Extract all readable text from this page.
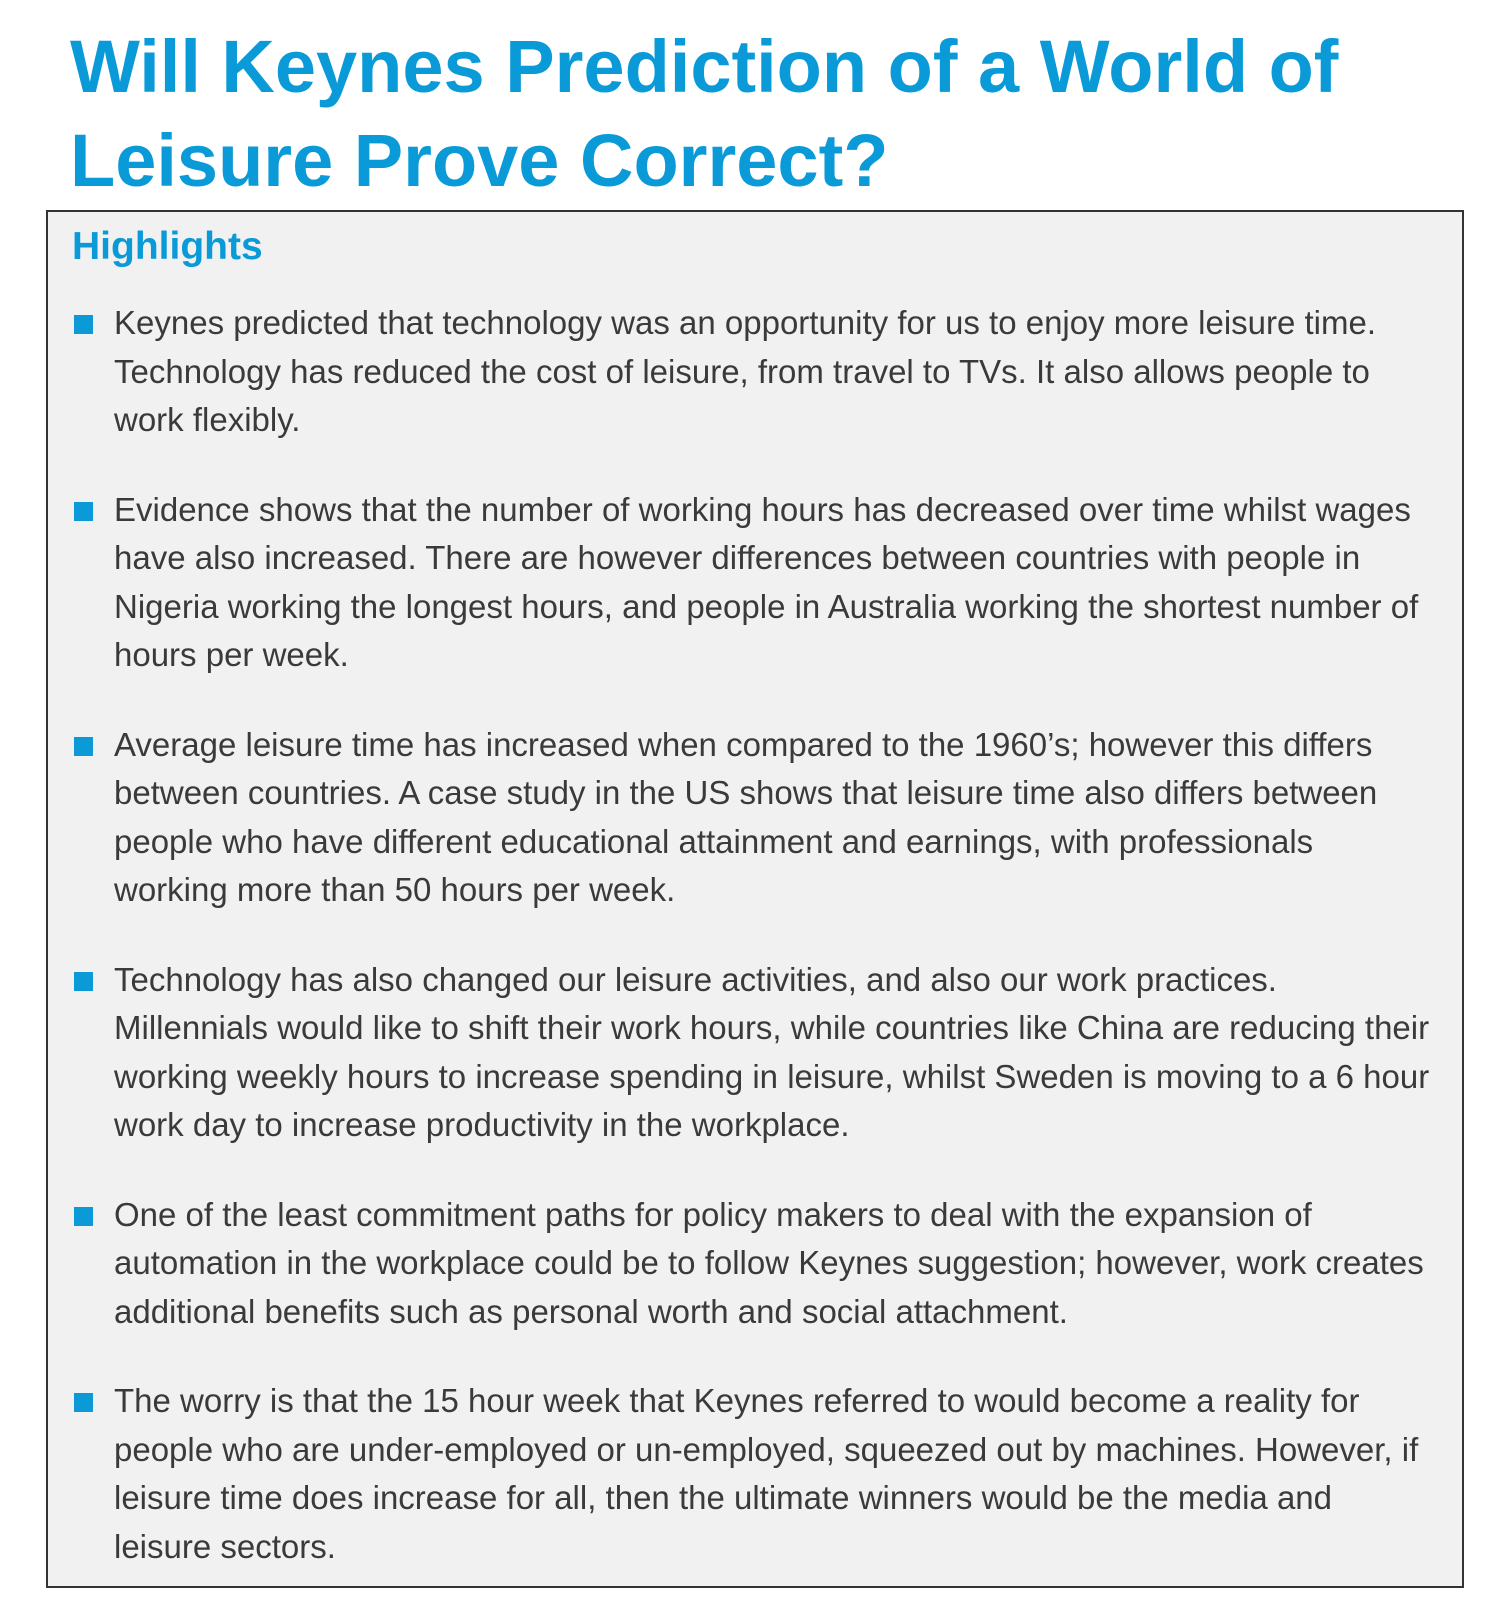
Will Keynes Prediction of a World of Leisure Prove Correct?
Highlights
Keynes predicted that technology was an opportunity for us to enjoy more leisure time. Technology has reduced the cost of leisure, from travel to TVs. It also allows people to work flexibly.
Evidence shows that the number of working hours has decreased over time whilst wages have also increased. There are however differences between countries with people in Nigeria working the longest hours, and people in Australia working the shortest number of hours per week.
Average leisure time has increased when compared to the 1960’s; however this differs between countries. A case study in the US shows that leisure time also differs between people who have different educational attainment and earnings, with professionals working more than 50 hours per week.
Technology has also changed our leisure activities, and also our work practices. Millennials would like to shift their work hours, while countries like China are reducing their working weekly hours to increase spending in leisure, whilst Sweden is moving to a 6 hour work day to increase productivity in the workplace.
One of the least commitment paths for policy makers to deal with the expansion of automation in the workplace could be to follow Keynes suggestion; however, work creates additional benefits such as personal worth and social attachment.
The worry is that the 15 hour week that Keynes referred to would become a reality for people who are under-employed or un-employed, squeezed out by machines. However, if leisure time does increase for all, then the ultimate winners would be the media and leisure sectors.
